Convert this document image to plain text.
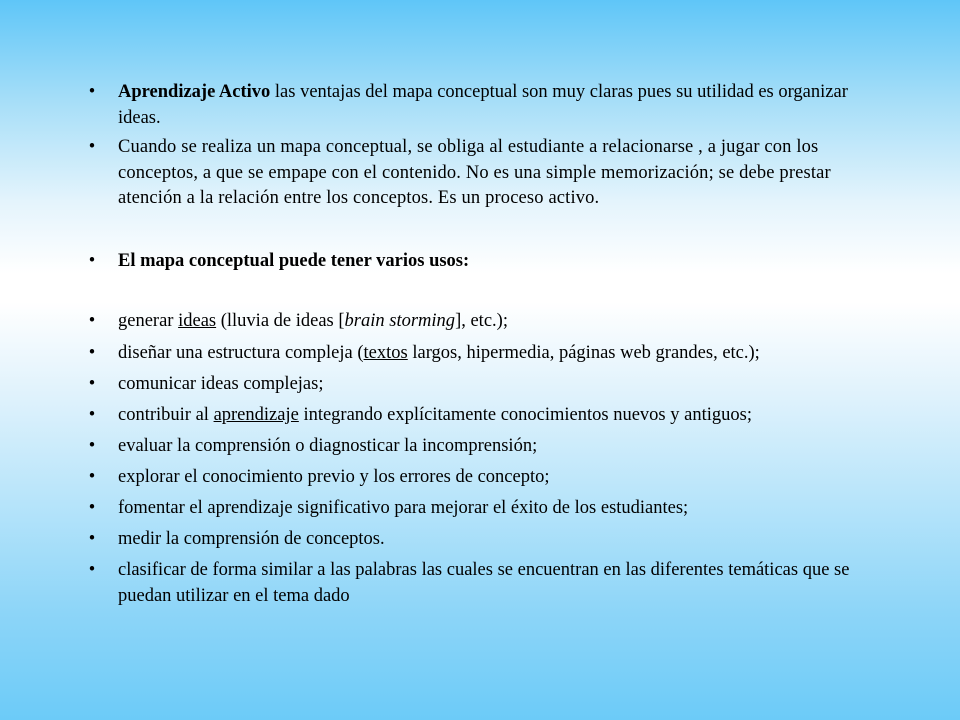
•	Aprendizaje Activo las ventajas del mapa conceptual son muy claras pues su utilidad es organizar ideas.
•	Cuando se realiza un mapa conceptual, se obliga al estudiante a relacionarse , a jugar con los conceptos, a que se empape con el contenido. No es una simple memorización; se debe prestar atención a la relación entre los conceptos. Es un proceso activo.
•	El mapa conceptual puede tener varios usos:
•	generar ideas (lluvia de ideas [brain storming], etc.);
•	diseñar una estructura compleja (textos largos, hipermedia, páginas web grandes, etc.);
•	comunicar ideas complejas;
•	contribuir al aprendizaje integrando explícitamente conocimientos nuevos y antiguos;
•	evaluar la comprensión o diagnosticar la incomprensión;
•	explorar el conocimiento previo y los errores de concepto;
•	fomentar el aprendizaje significativo para mejorar el éxito de los estudiantes;
•	medir la comprensión de conceptos.
•	clasificar de forma similar a las palabras las cuales se encuentran en las diferentes temáticas que se puedan utilizar en el tema dado
